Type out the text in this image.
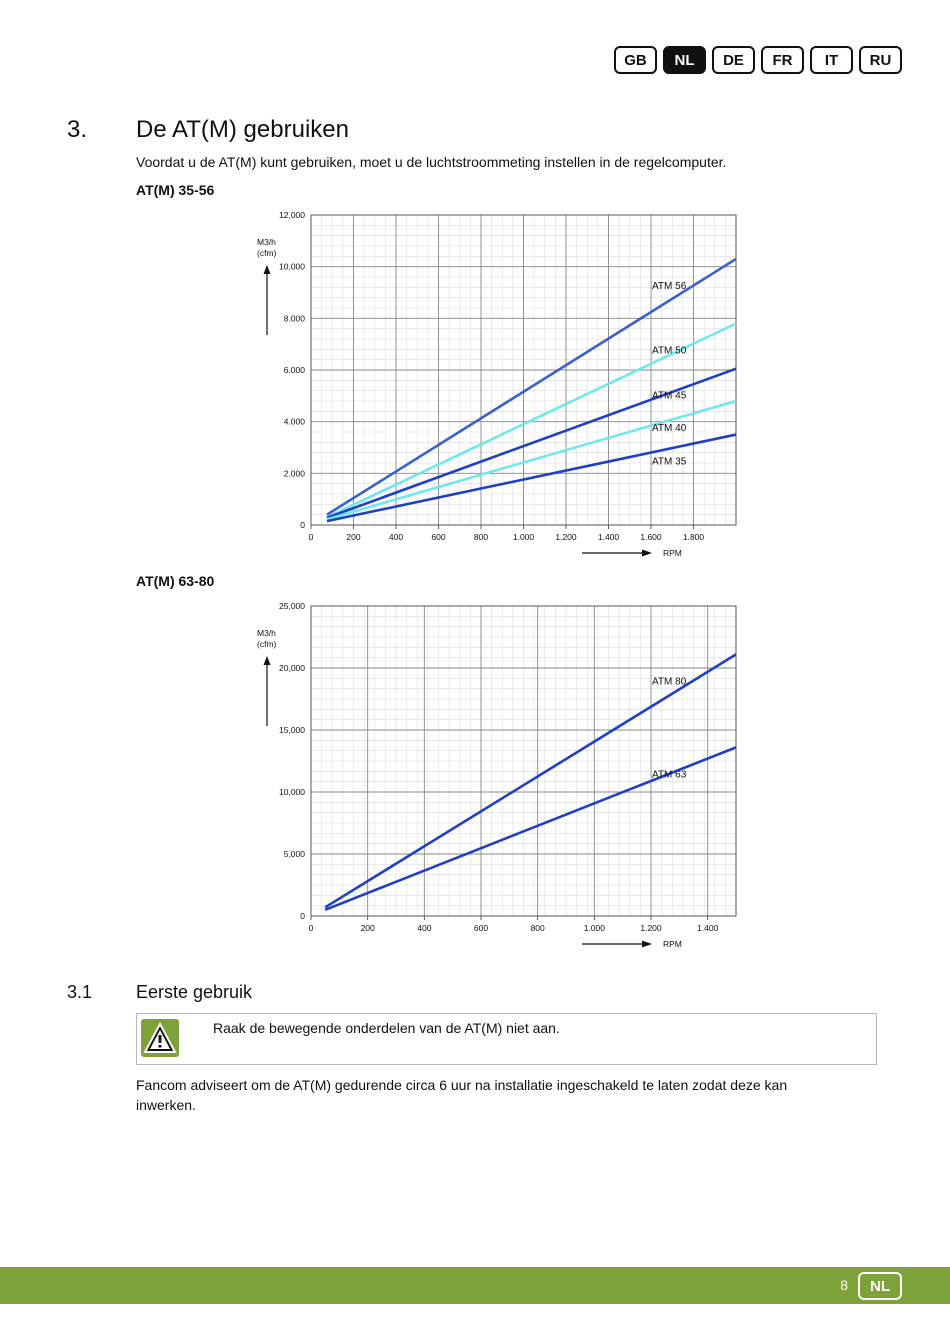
GB	NL	DE	FR	IT	RU
3. De AT(M) gebruiken
Voordat u de AT(M) kunt gebruiken, moet u de luchtstroommeting instellen in de regelcomputer.
AT(M) 35-56
0	200	400	600	800	1.000 1.200 1.400 1.600 1.800
0
2.000
4.000
6.000
8.000
10,000
12,000
M3/h
(cfm)
RPM
ATM 56
ATM 50
ATM 45
ATM 40
ATM 35
AT(M) 63-80
0	200	400	600	800	1.000	1.200	1.400
0
5,000
10,000
15,000
20,000
25,000
M3/h
(cfm)
RPM
ATM 80
ATM 63
3.1 Eerste gebruik
Raak de bewegende onderdelen van de AT(M) niet aan.
Fancom adviseert om de AT(M) gedurende circa 6 uur na installatie ingeschakeld te laten zodat deze kan inwerken.
8	NL
